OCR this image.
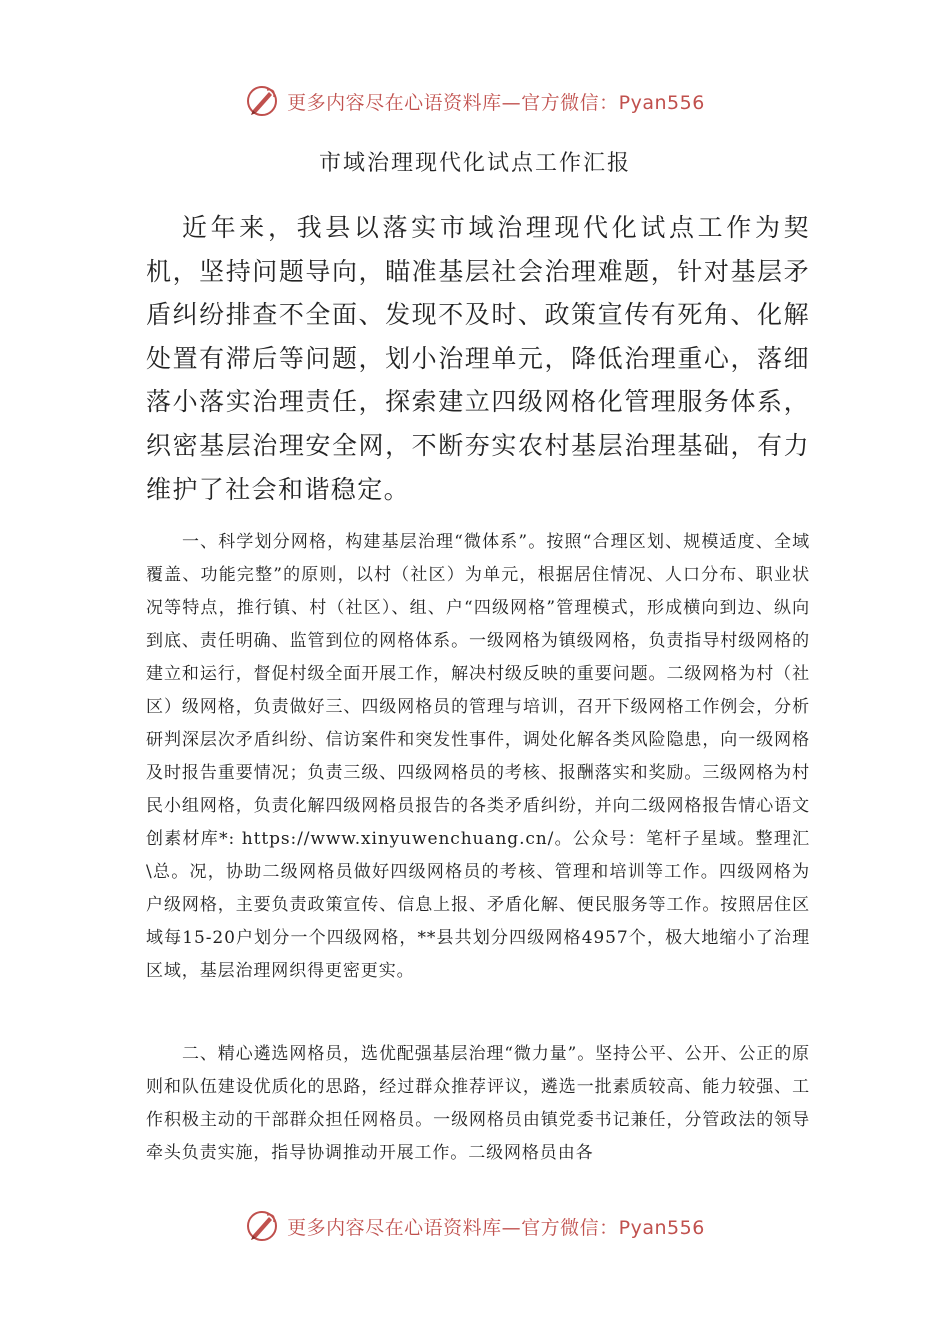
更多内容尽在心语资料库—官方微信：Pyan556
市域治理现代化试点工作汇报

近年来，我县以落实市域治理现代化试点工作为契机，坚持问题导向，瞄准基层社会治理难题，针对基层矛盾纠纷排查不全面、发现不及时、政策宣传有死角、化解处置有滞后等问题，划小治理单元，降低治理重心，落细落小落实治理责任，探索建立四级网格化管理服务体系，织密基层治理安全网，不断夯实农村基层治理基础，有力维护了社会和谐稳定。

一、科学划分网格，构建基层治理“微体系”。按照“合理区划、规模适度、全域覆盖、功能完整”的原则，以村（社区）为单元，根据居住情况、人口分布、职业状况等特点，推行镇、村（社区）、组、户“四级网格”管理模式，形成横向到边、纵向到底、责任明确、监管到位的网格体系。一级网格为镇级网格，负责指导村级网格的建立和运行，督促村级全面开展工作，解决村级反映的重要问题。二级网格为村（社区）级网格，负责做好三、四级网格员的管理与培训，召开下级网格工作例会，分析研判深层次矛盾纠纷、信访案件和突发性事件，调处化解各类风险隐患，向一级网格及时报告重要情况；负责三级、四级网格员的考核、报酬落实和奖励。三级网格为村民小组网格，负责化解四级网格员报告的各类矛盾纠纷，并向二级网格报告情心语文创素材库*: https://www.xinyuwenchuang.cn/。公众号：笔杆子星域。整理汇\总。况，协助二级网格员做好四级网格员的考核、管理和培训等工作。四级网格为户级网格，主要负责政策宣传、信息上报、矛盾化解、便民服务等工作。按照居住区域每15-20户划分一个四级网格，**县共划分四级网格4957个，极大地缩小了治理区域，基层治理网织得更密更实。

二、精心遴选网格员，选优配强基层治理“微力量”。坚持公平、公开、公正的原则和队伍建设优质化的思路，经过群众推荐评议，遴选一批素质较高、能力较强、工作积极主动的干部群众担任网格员。一级网格员由镇党委书记兼任，分管政法的领导牵头负责实施，指导协调推动开展工作。二级网格员由各

更多内容尽在心语资料库—官方微信：Pyan556
